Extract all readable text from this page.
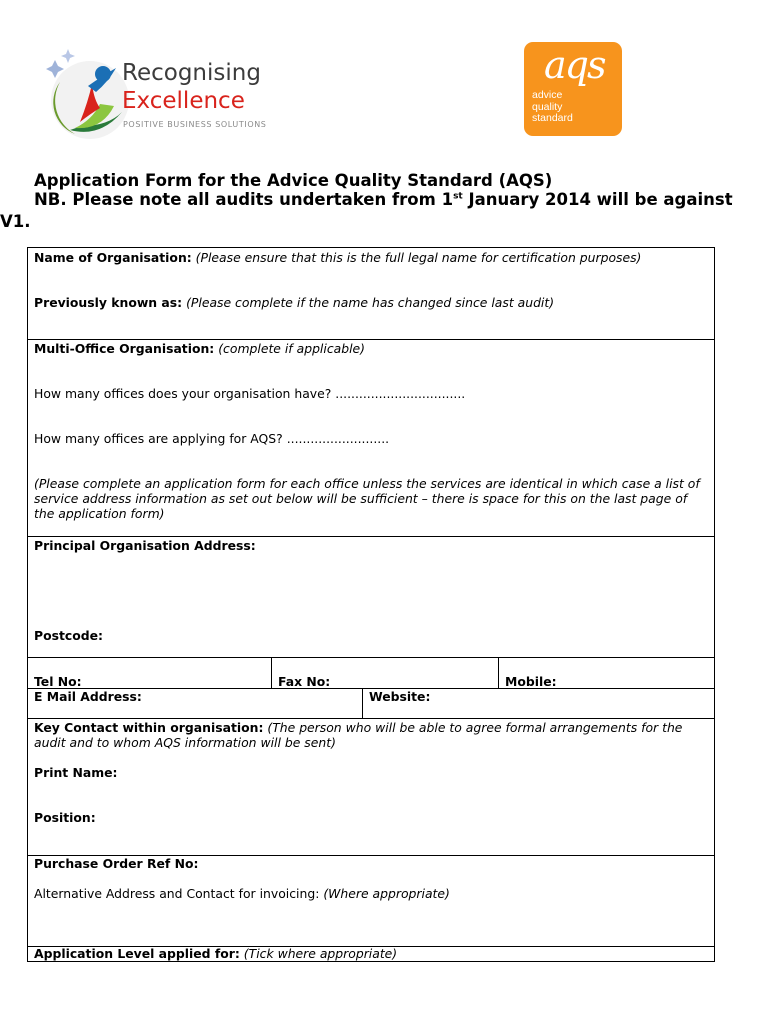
Recognising
Excellence
POSITIVE BUSINESS SOLUTIONS
aqs
advice
quality
standard
Application Form for the Advice Quality Standard (AQS)
NB. Please note all audits undertaken from 1st January 2014 will be against
V1.
Name of Organisation: (Please ensure that this is the full legal name for certification purposes)
Previously known as: (Please complete if the name has changed since last audit)
Multi-Office Organisation: (complete if applicable)
How many offices does your organisation have? .................................
How many offices are applying for AQS? ..........................
(Please complete an application form for each office unless the services are identical in which case a list of service address information as set out below will be sufficient – there is space for this on the last page of the application form)
Principal Organisation Address:
Postcode:
Tel No:	Fax No:	Mobile:
E Mail Address:	Website:
Key Contact within organisation: (The person who will be able to agree formal arrangements for the audit and to whom AQS information will be sent)
Print Name:
Position:
Purchase Order Ref No:
Alternative Address and Contact for invoicing: (Where appropriate)
Application Level applied for: (Tick where appropriate)
